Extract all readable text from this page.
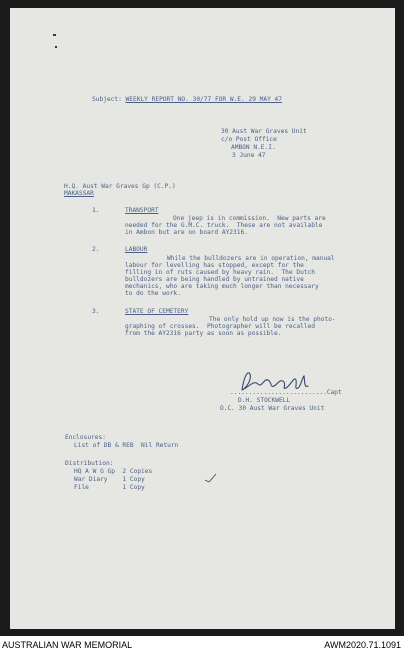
Subject: WEEKLY REPORT NO. 30/77 FOR W.E. 29 MAY 47
30 Aust War Graves Unit
c/o Post Office
AMBON N.E.I.
3 June 47
H.Q. Aust War Graves Gp (C.P.)
MAKASSAR
1.	TRANSPORT
One jeep is in commission.  New parts are
needed for the G.M.C. truck.  These are not available
in Ambon but are on board AY2316.
2.	LABOUR
While the bulldozers are in operation, manual
labour for levelling has stopped, except for the
filling in of ruts caused by heavy rain.  The Dutch
bulldozers are being handled by untrained native
mechanics, who are taking much longer than necessary
to do the work.
3.	STATE OF CEMETERY
The only hold up now is the photo-
graphing of crosses.  Photographer will be recalled
from the AY2316 party as soon as possible.
..........................Capt
D.H. STOCKWELL
O.C. 30 Aust War Graves Unit
Enclosures:
List of DB & REB  Nil Return
Distribution:
HQ A W G Gp  2 Copies
War Diary    1 Copy
File         1 Copy
AUSTRALIAN WAR MEMORIAL	AWM2020.71.1091
